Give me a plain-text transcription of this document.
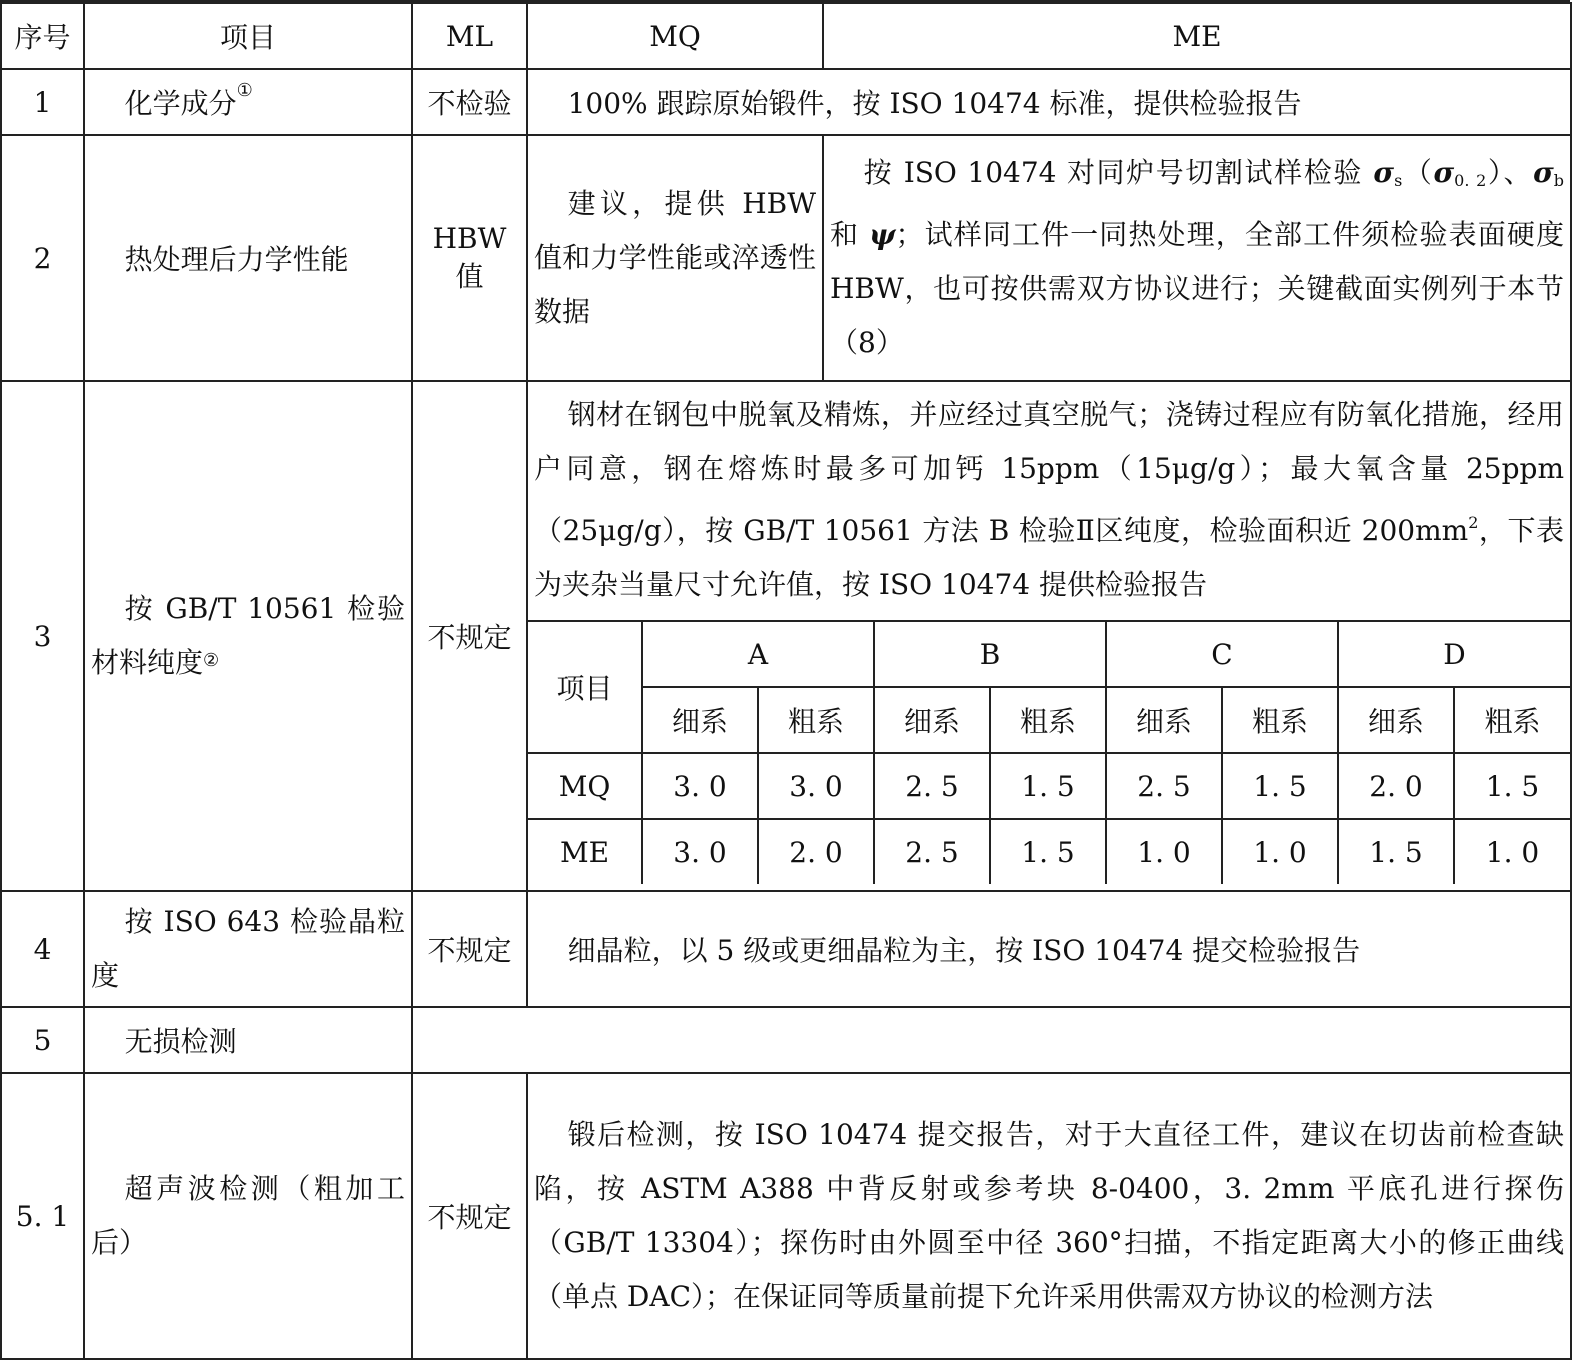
序号	项目	ML	MQ	ME
1	化学成分①	不检验	100% 跟踪原始锻件，按 ISO 10474 标准，提供检验报告
2	热处理后力学性能	HBW 值	建议，提供 HBW 值和力学性能或淬透性数据	按 ISO 10474 对同炉号切割试样检验 $\sigma_s(\sigma_{0. 2})$、$\sigma_b$ 和 ψ；试样同工件一同热处理，全部工件须检验表面硬度 HBW，也可按供需双方协议进行；关键截面实例列于本节（8）
3	按 GB/T 10561 检验材料纯度②	不规定	
钢材在钢包中脱氧及精炼，并应经过真空脱气；浇铸过程应有防氧化措施，经用户同意，钢在熔炼时最多可加钙 15ppm（15μg/g）；最大氧含量 25ppm（25μg/g），按 GB/T 10561 方法 B 检验Ⅱ区纯度，检验面积近 $200mm^2$，下表为夹杂当量尺寸允许值，按 ISO 10474 提供检验报告
项目	A	B	C	D
细系	粗系	细系	粗系	细系	粗系	细系	粗系
MQ	3. 0	3. 0	2. 5	1. 5	2. 5	1. 5	2. 0	1. 5
ME	3. 0	2. 0	2. 5	1. 5	1. 0	1. 0	1. 5	1. 0

4	按 ISO 643 检验晶粒度	不规定	细晶粒，以 5 级或更细晶粒为主，按 ISO 10474 提交检验报告
5	无损检测	
5. 1	超声波检测（粗加工后）	不规定	锻后检测，按 ISO 10474 提交报告，对于大直径工件，建议在切齿前检查缺陷，按 ASTM A388 中背反射或参考块 8-0400，3. 2mm 平底孔进行探伤（GB/T 13304）；探伤时由外圆至中径 360°扫描，不指定距离大小的修正曲线（单点 DAC）；在保证同等质量前提下允许采用供需双方协议的检测方法
